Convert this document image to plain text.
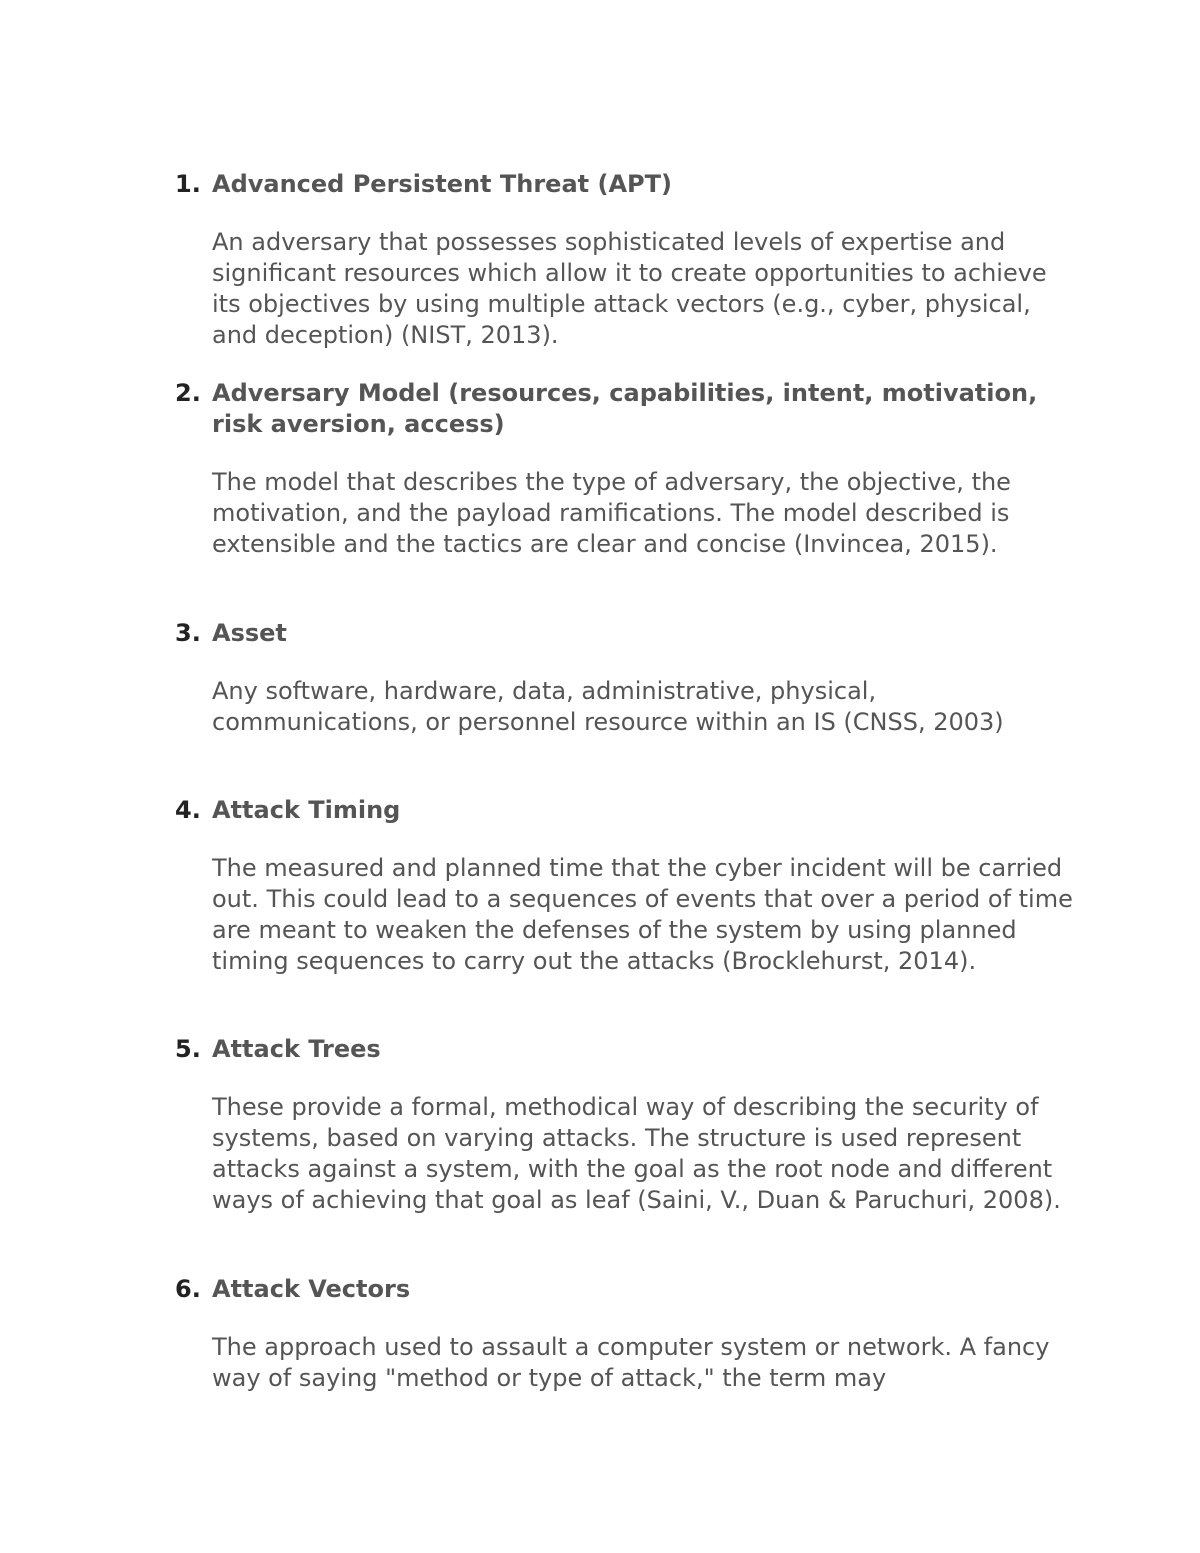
1. Advanced Persistent Threat (APT)
An adversary that possesses sophisticated levels of expertise and significant resources which allow it to create opportunities to achieve its objectives by using multiple attack vectors (e.g., cyber, physical, and deception) (NIST, 2013).
2. Adversary Model (resources, capabilities, intent, motivation, risk aversion, access)
The model that describes the type of adversary, the objective, the motivation, and the payload ramifications. The model described is extensible and the tactics are clear and concise (Invincea, 2015).
3. Asset
Any software, hardware, data, administrative, physical, communications, or personnel resource within an IS (CNSS, 2003)
4. Attack Timing
The measured and planned time that the cyber incident will be carried out. This could lead to a sequences of events that over a period of time are meant to weaken the defenses of the system by using planned timing sequences to carry out the attacks (Brocklehurst, 2014).
5. Attack Trees
These provide a formal, methodical way of describing the security of systems, based on varying attacks. The structure is used represent attacks against a system, with the goal as the root node and different ways of achieving that goal as leaf (Saini, V., Duan & Paruchuri, 2008).
6. Attack Vectors
The approach used to assault a computer system or network. A fancy way of saying "method or type of attack," the term may
